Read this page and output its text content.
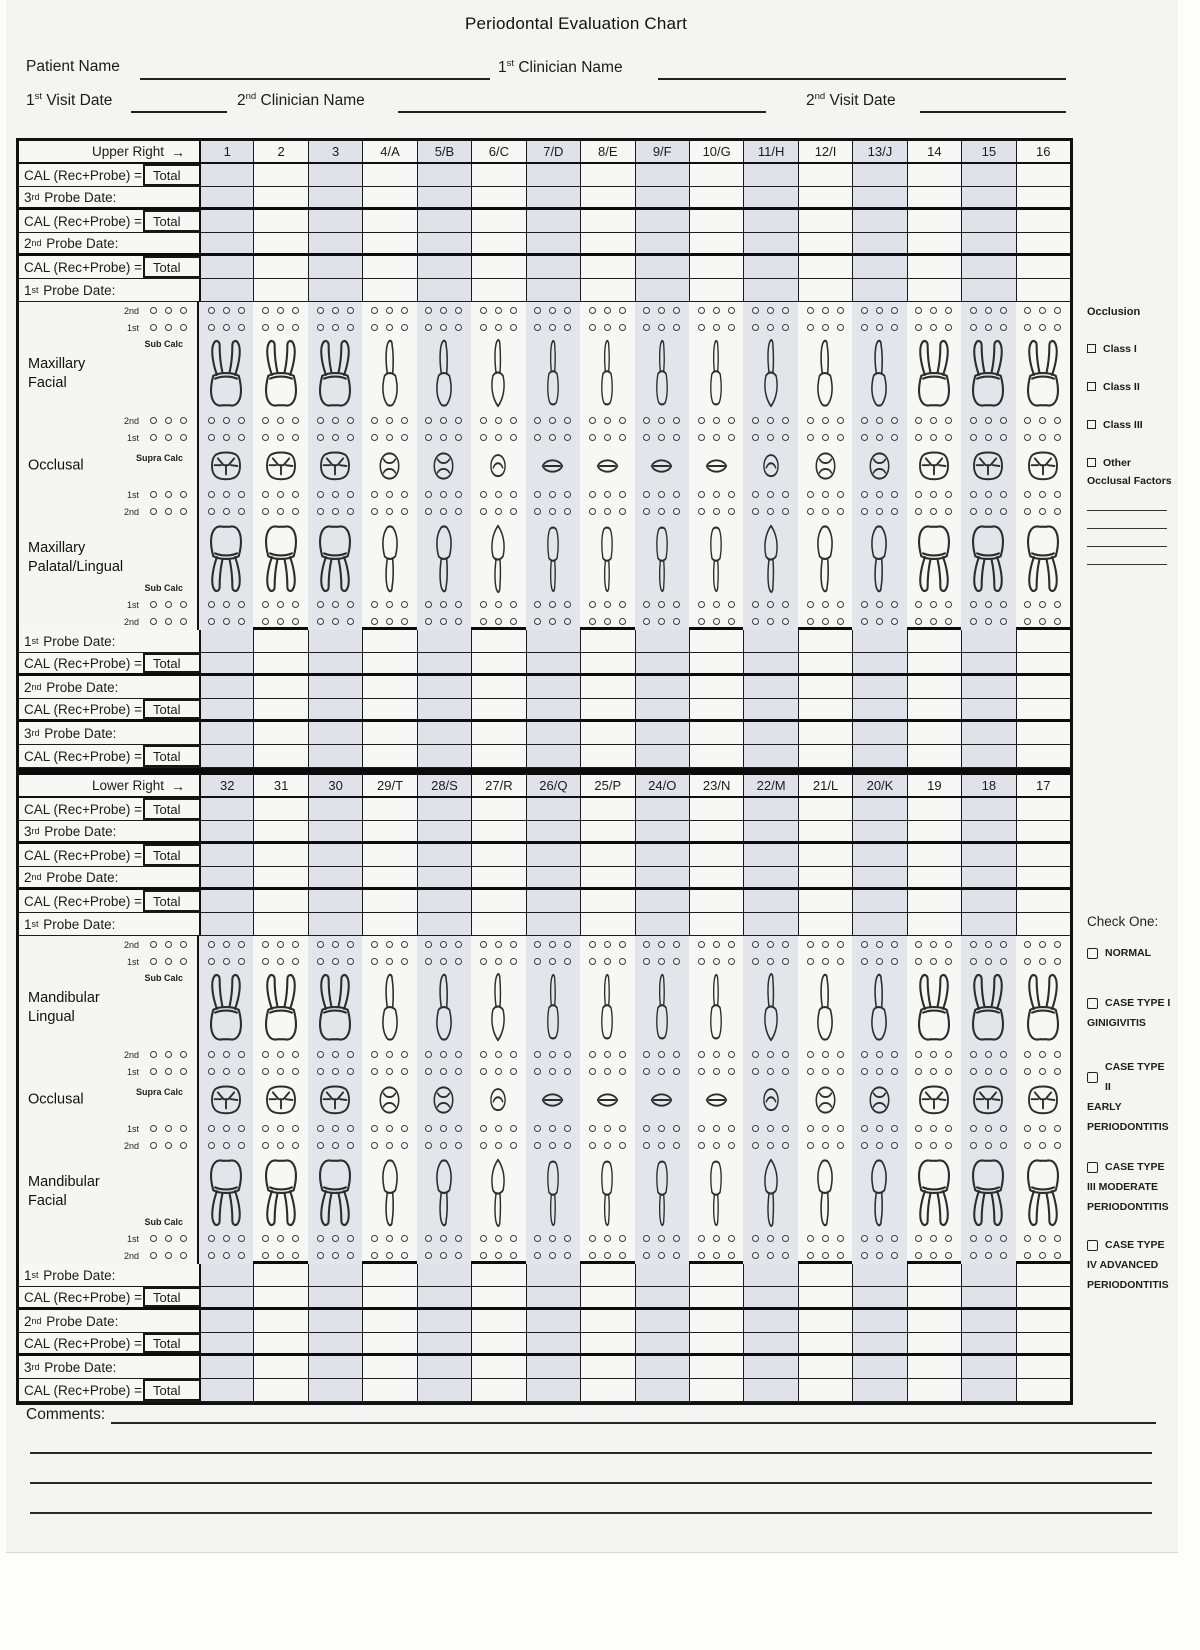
Periodontal Evaluation Chart
Patient Name	1st Clinician Name
1st Visit Date	2nd Clinician Name	2nd Visit Date
Upper Right →	1	2	3	4/A	5/B	6/C	7/D	8/E	9/F	10/G	11/H	12/I	13/J	14	15	16
CAL (Rec+Probe) = Total
3 rd Probe Date:
CAL (Rec+Probe) = Total
2 nd Probe Date:
CAL (Rec+Probe) = Total
1 st Probe Date:
2nd
1st
Maxillary
Facial
Sub Calc
2nd
1st
Occlusal	Supra Calc
1st
2nd
Maxillary
Palatal/Lingual
Sub Calc
1st
2nd
1 st Probe Date:
CAL (Rec+Probe) = Total
2 nd Probe Date:
CAL (Rec+Probe) = Total
3 rd Probe Date:
CAL (Rec+Probe) = Total
Lower Right →	32	31	30	29/T	28/S	27/R	26/Q	25/P	24/O	23/N	22/M	21/L	20/K	19	18	17
CAL (Rec+Probe) = Total
3 rd Probe Date:
CAL (Rec+Probe) = Total
2 nd Probe Date:
CAL (Rec+Probe) = Total
1 st Probe Date:
2nd
1st
Mandibular
Lingual
Sub Calc
2nd
1st
Occlusal	Supra Calc
1st
2nd
Mandibular
Facial
Sub Calc
1st
2nd
1 st Probe Date:
CAL (Rec+Probe) = Total
2 nd Probe Date:
CAL (Rec+Probe) = Total
3 rd Probe Date:
CAL (Rec+Probe) = Total
Occlusion
Class I
Class II
Class III
Other
Occlusal Factors
Check One:
NORMAL
CASE TYPE I
GINIGIVITIS
CASE TYPE II
EARLY
PERIODONTITIS
CASE TYPE
III MODERATE
PERIODONTITIS
CASE TYPE
IV ADVANCED
PERIODONTITIS
Comments:
